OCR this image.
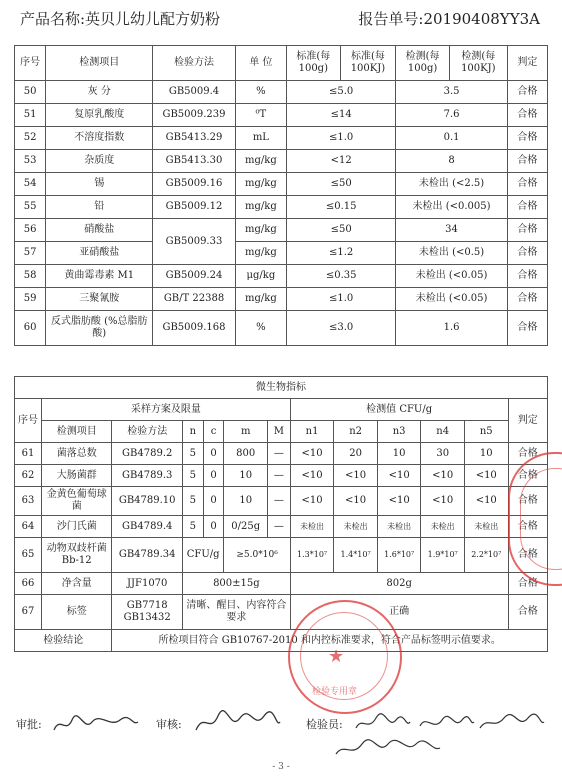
产品名称:英贝儿幼儿配方奶粉	报告单号:20190408YY3A
序号	检测项目	检验方法	单 位	标准(每100g)	标准(每100KJ)	检测(每100g)	检测(每100KJ)	判定
50	灰 分	GB5009.4	%	≤5.0		3.5		合格
51	复原乳酸度	GB5009.239	⁰T	≤14		7.6		合格
52	不溶度指数	GB5413.29	mL	≤1.0		0.1		合格
53	杂质度	GB5413.30	mg/kg	<12		8		合格
54	锡	GB5009.16	mg/kg	≤50		未检出 (<2.5)		合格
55	铅	GB5009.12	mg/kg	≤0.15		未检出 (<0.005)		合格
56	硝酸盐	GB5009.33	mg/kg	≤50		34		合格
57	亚硝酸盐		mg/kg	≤1.2		未检出 (<0.5)		合格
58	黄曲霉毒素 M1	GB5009.24	μg/kg	≤0.35		未检出 (<0.05)		合格
59	三聚氰胺	GB/T 22388	mg/kg	≤1.0		未检出 (<0.05)		合格
60	反式脂肪酸 (%总脂肪酸)	GB5009.168	%	≤3.0		1.6		合格
微生物指标												
序号	采样方案及限量						检测值 CFU/g					判定
	检测项目	检验方法	n	c	m	M	n1	n2	n3	n4	n5	
61	菌落总数	GB4789.2	5	0	800	—	<10	20	10	30	10	合格
62	大肠菌群	GB4789.3	5	0	10	—	<10	<10	<10	<10	<10	合格
63	金黄色葡萄球菌	GB4789.10	5	0	10	—	<10	<10	<10	<10	<10	合格
64	沙门氏菌	GB4789.4	5	0	0/25g	—	未检出	未检出	未检出	未检出	未检出	合格
65	动物双歧杆菌 Bb-12	GB4789.34	CFU/g		≥5.0*10⁶		1.3*10⁷	1.4*10⁷	1.6*10⁷	1.9*10⁷	2.2*10⁷	合格
66	净含量	JJF1070	800±15g				802g					合格
67	标签	GB7718 GB13432	清晰、醒目、内容符合要求				正确					合格
检验结论		所检项目符合 GB10767-2010 和内控标准要求，符合产品标签明示值要求。										
审批:	审核:	检验员:
- 3 -
★
检验专用章
